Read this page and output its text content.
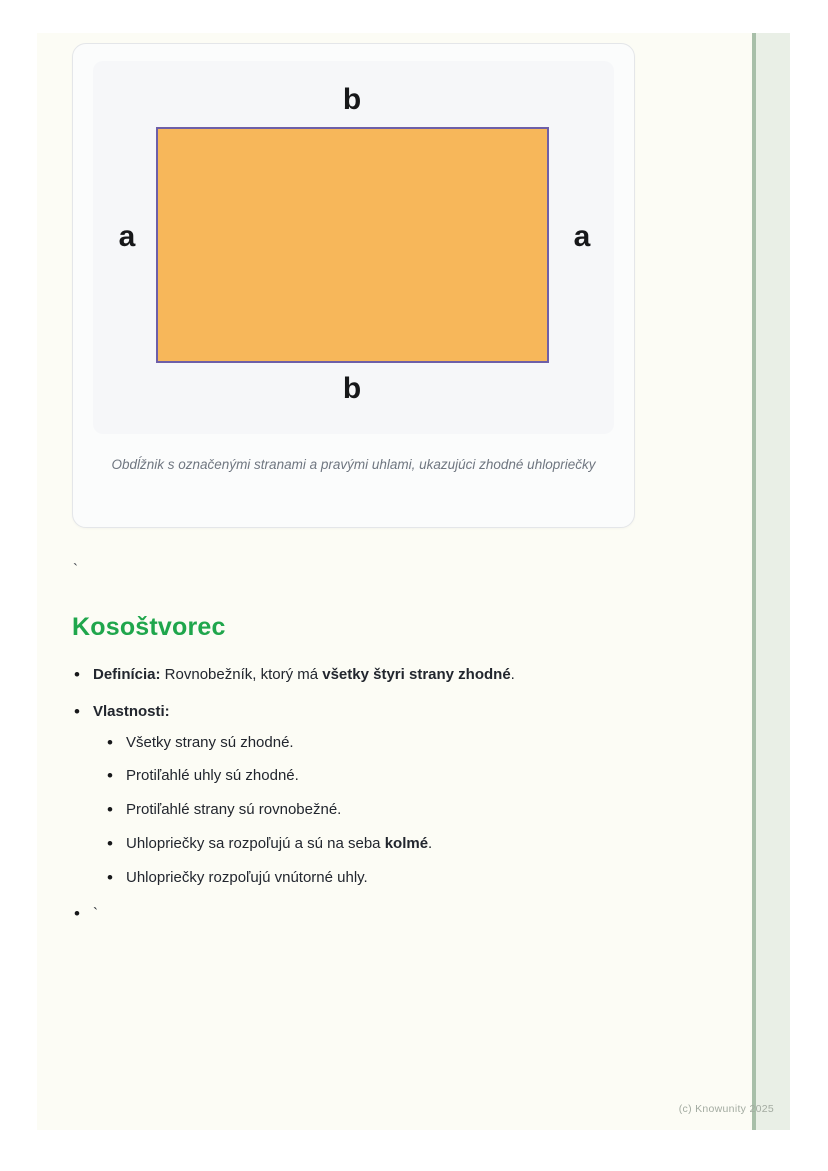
b
a	a
b
Obdĺžnik s označenými stranami a pravými uhlami, ukazujúci zhodné uhlopriečky
`
Kosoštvorec
• Definícia: Rovnobežník, ktorý má všetky štyri strany zhodné.
• Vlastnosti:
• Všetky strany sú zhodné.
• Protiľahlé uhly sú zhodné.
• Protiľahlé strany sú rovnobežné.
• Uhlopriečky sa rozpoľujú a sú na seba kolmé.
• Uhlopriečky rozpoľujú vnútorné uhly.
• `
(c) Knowunity 2025
